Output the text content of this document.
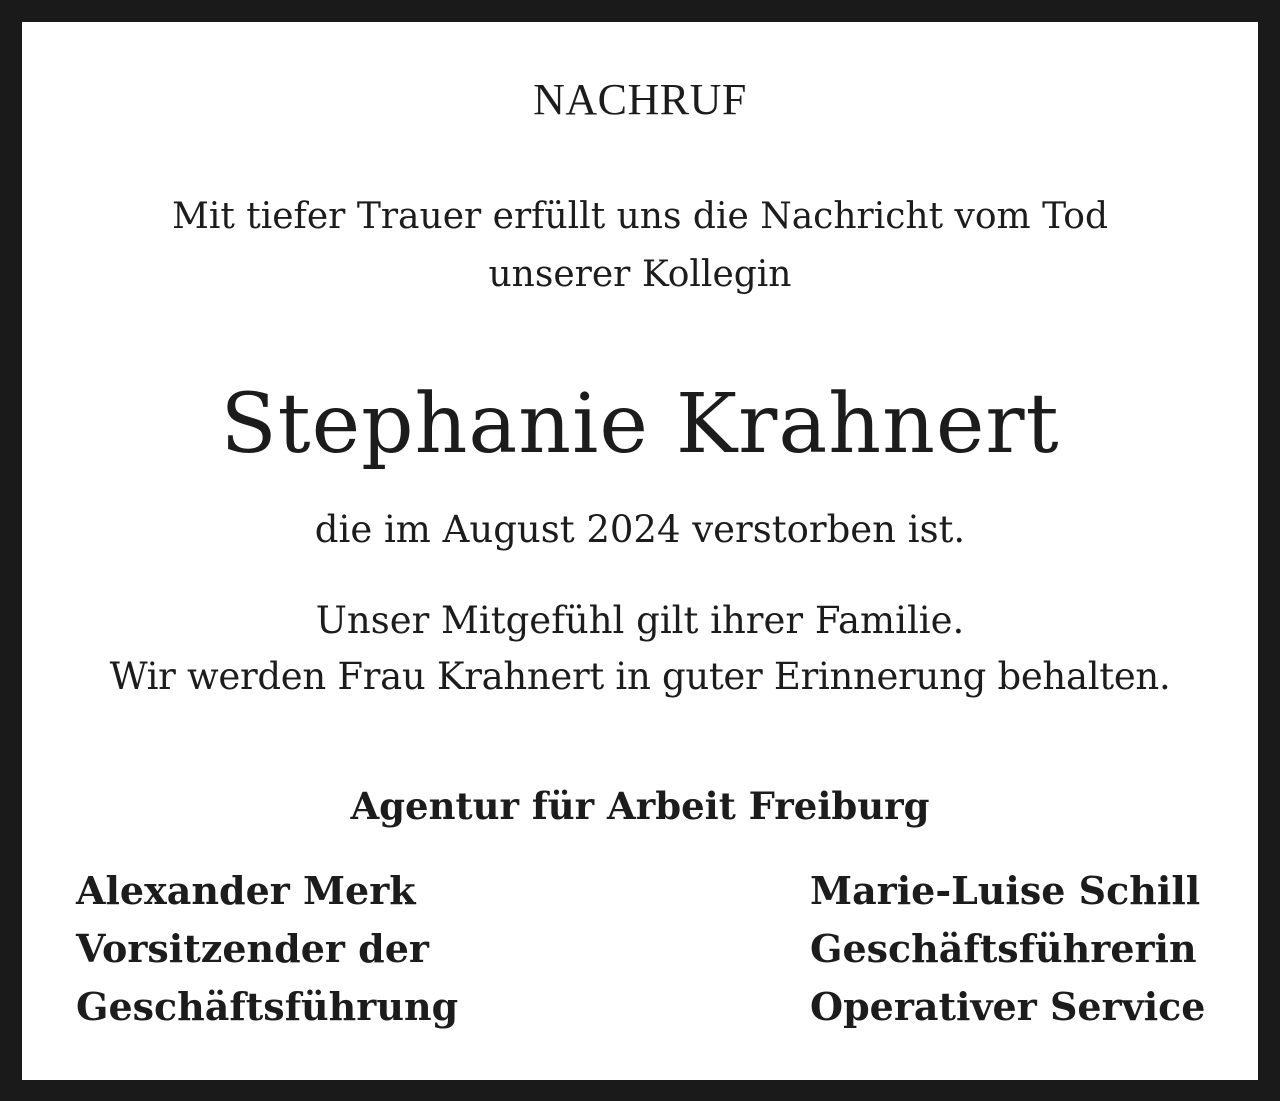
NACHRUF
Mit tiefer Trauer erfüllt uns die Nachricht vom Tod
unserer Kollegin
Stephanie Krahnert
die im August 2024 verstorben ist.
Unser Mitgefühl gilt ihrer Familie.
Wir werden Frau Krahnert in guter Erinnerung behalten.
Agentur für Arbeit Freiburg
Alexander Merk
Vorsitzender der
Geschäftsführung
Marie-Luise Schill
Geschäftsführerin
Operativer Service
